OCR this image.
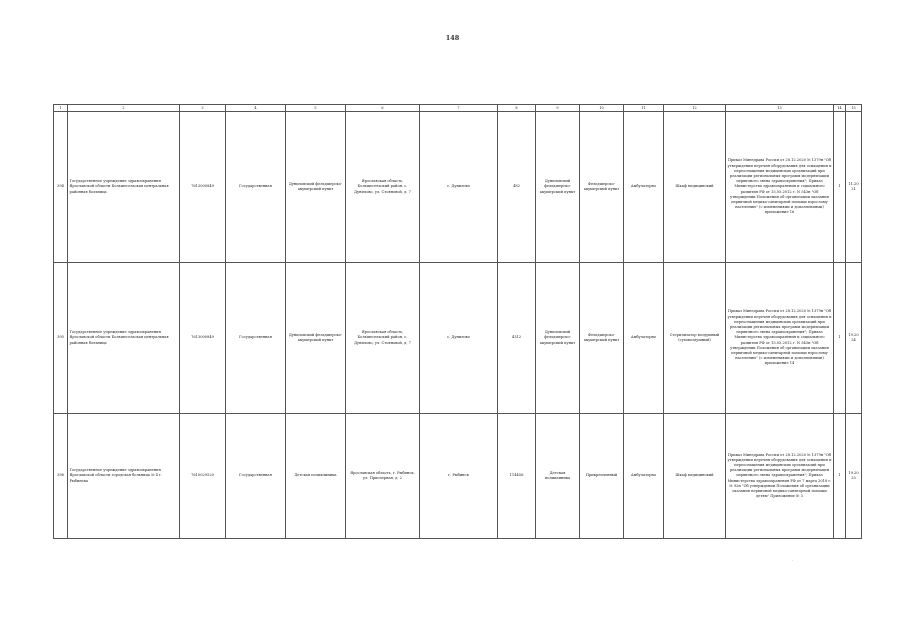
148
1	2	3	4	5	6	7	8	9	10	11	12	13	14	15
394	Государственное учреждение здравоохранения Ярославской области Большесельская центральная районная больница	7613000849	Государственная	Дуниловский фельдшерско-акушерский пункт	Ярославская область, Большесельский район, с. Дунилово, ул. Стояновой, д. 7	с. Дунилово	482	Дуниловский фельдшерско-акушерский пункт	Фельдшерско-акушерский пункт	Амбулаторно	Шкаф медицинский	Приказ Минздрава России от 28.12.2020 № 1379н "Об утверждении перечня оборудования для оснащения и переоснащения медицинских организаций при реализации региональных программ модернизации первичного звена здравоохранения"; Приказ Министерства здравоохранения и социального развития РФ от 15.05.2012 г. N 543н "Об утверждении Положения об организации оказания первичной медико-санитарной помощи взрослому населению" (с изменениями и дополнениями) приложение 16	1	11.2021
395	Государственное учреждение здравоохранения Ярославской области Большесельская центральная районная больница	7613000849	Государственная	Дуниловский фельдшерско-акушерский пункт	Ярославская область, Большесельский район, с. Дунилово, ул. Стояновой, д. 7	с. Дунилово	4312	Дуниловский фельдшерско-акушерский пункт	Фельдшерско-акушерский пункт	Амбулаторно	Стерилизатор воздушный (суховоздушный)	Приказ Минздрава России от 28.12.2020 № 1379н "Об утверждении перечня оборудования для оснащения и переоснащения медицинских организаций при реализации региональных программ модернизации первичного звена здравоохранения"; Приказ Министерства здравоохранения и социального развития РФ от 15.05.2012 г. N 543н "Об утверждении Положения об организации оказания первичной медико-санитарной помощи взрослому населению" (с изменениями и дополнениями) приложение 14	1	19.2024
396	Государственное учреждение здравоохранения Ярославской области городская больница № 4 г. Рыбинска	7610029520	Государственная	Детская поликлиника	Ярославская область, г. Рыбинск, ул. Приозерная, д. 2	г. Рыбинск	114456	Детская поликлиника	Прикрепленный	Амбулаторно	Шкаф медицинский	Приказ Минздрава России от 28.12.2020 № 1379н "Об утверждении перечня оборудования для оснащения и переоснащения медицинских организаций при реализации региональных программ модернизации первичного звена здравоохранения"; Приказ Министерства здравоохранения РФ от 7 марта 2018 г. № 92н "Об утверждении Положения об организации оказания первичной медико-санитарной помощи детям" Приложение № 3	1	19.2025
.
